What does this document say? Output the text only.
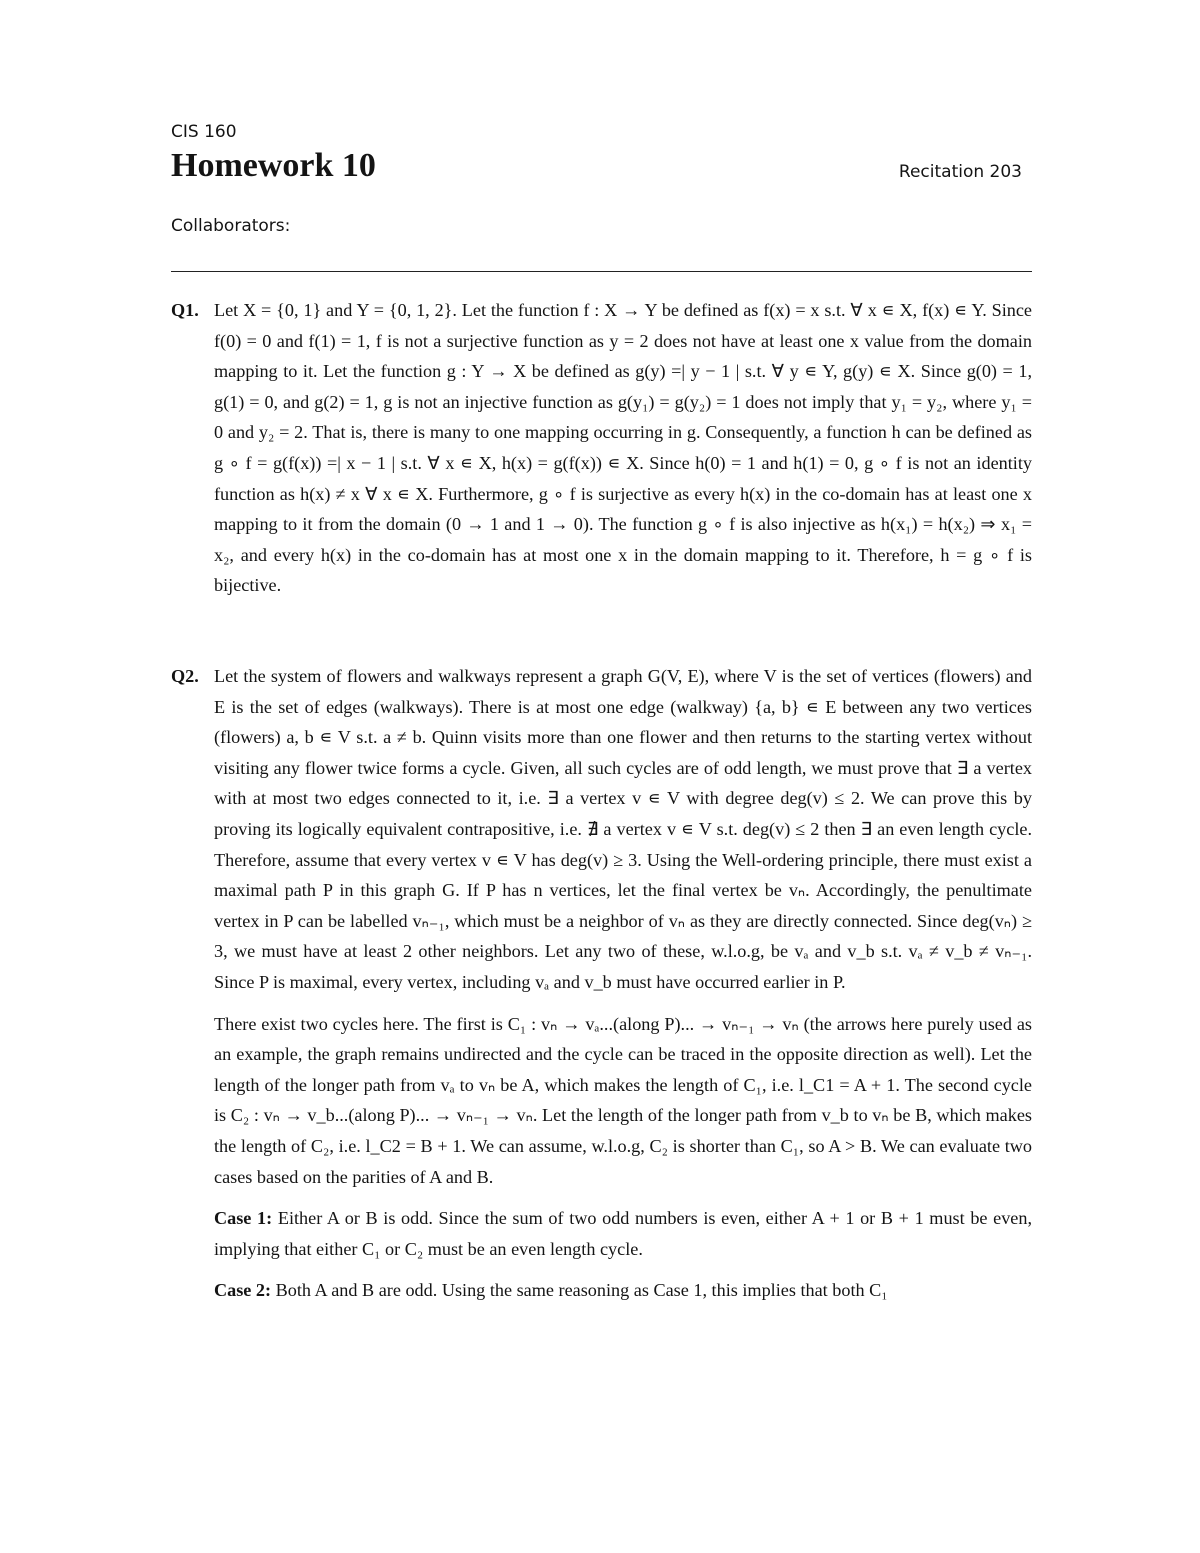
CIS 160
Homework 10	Recitation 203
Collaborators:
Q1. Let X = {0, 1} and Y = {0, 1, 2}. Let the function f : X → Y be defined as f(x) = x s.t. ∀ x ∊ X, f(x) ∊ Y. Since f(0) = 0 and f(1) = 1, f is not a surjective function as y = 2 does not have at least one x value from the domain mapping to it. Let the function g : Y → X be defined as g(y) =| y − 1 | s.t. ∀ y ∊ Y, g(y) ∊ X. Since g(0) = 1, g(1) = 0, and g(2) = 1, g is not an injective function as g(y₁) = g(y₂) = 1 does not imply that y₁ = y₂, where y₁ = 0 and y₂ = 2. That is, there is many to one mapping occurring in g. Consequently, a function h can be defined as g ∘ f = g(f(x)) =| x − 1 | s.t. ∀ x ∊ X, h(x) = g(f(x)) ∊ X. Since h(0) = 1 and h(1) = 0, g ∘ f is not an identity function as h(x) ≠ x ∀ x ∊ X. Furthermore, g ∘ f is surjective as every h(x) in the co-domain has at least one x mapping to it from the domain (0 → 1 and 1 → 0). The function g ∘ f is also injective as h(x₁) = h(x₂) ⇒ x₁ = x₂, and every h(x) in the co-domain has at most one x in the domain mapping to it. Therefore, h = g ∘ f is bijective.

Q2. Let the system of flowers and walkways represent a graph G(V, E), where V is the set of vertices (flowers) and E is the set of edges (walkways). There is at most one edge (walkway) {a, b} ∊ E between any two vertices (flowers) a, b ∊ V s.t. a ≠ b. Quinn visits more than one flower and then returns to the starting vertex without visiting any flower twice forms a cycle. Given, all such cycles are of odd length, we must prove that ∃ a vertex with at most two edges connected to it, i.e. ∃ a vertex v ∊ V with degree deg(v) ≤ 2. We can prove this by proving its logically equivalent contrapositive, i.e. ∄ a vertex v ∊ V s.t. deg(v) ≤ 2 then ∃ an even length cycle. Therefore, assume that every vertex v ∊ V has deg(v) ≥ 3. Using the Well-ordering principle, there must exist a maximal path P in this graph G. If P has n vertices, let the final vertex be vₙ. Accordingly, the penultimate vertex in P can be labelled vₙ₋₁, which must be a neighbor of vₙ as they are directly connected. Since deg(vₙ) ≥ 3, we must have at least 2 other neighbors. Let any two of these, w.l.o.g, be vₐ and v_b s.t. vₐ ≠ v_b ≠ vₙ₋₁. Since P is maximal, every vertex, including vₐ and v_b must have occurred earlier in P.

There exist two cycles here. The first is C₁ : vₙ → vₐ...(along P)... → vₙ₋₁ → vₙ (the arrows here purely used as an example, the graph remains undirected and the cycle can be traced in the opposite direction as well). Let the length of the longer path from vₐ to vₙ be A, which makes the length of C₁, i.e. l_C1 = A + 1. The second cycle is C₂ : vₙ → v_b...(along P)... → vₙ₋₁ → vₙ. Let the length of the longer path from v_b to vₙ be B, which makes the length of C₂, i.e. l_C2 = B + 1. We can assume, w.l.o.g, C₂ is shorter than C₁, so A > B. We can evaluate two cases based on the parities of A and B.

Case 1: Either A or B is odd. Since the sum of two odd numbers is even, either A + 1 or B + 1 must be even, implying that either C₁ or C₂ must be an even length cycle.

Case 2: Both A and B are odd. Using the same reasoning as Case 1, this implies that both C₁
